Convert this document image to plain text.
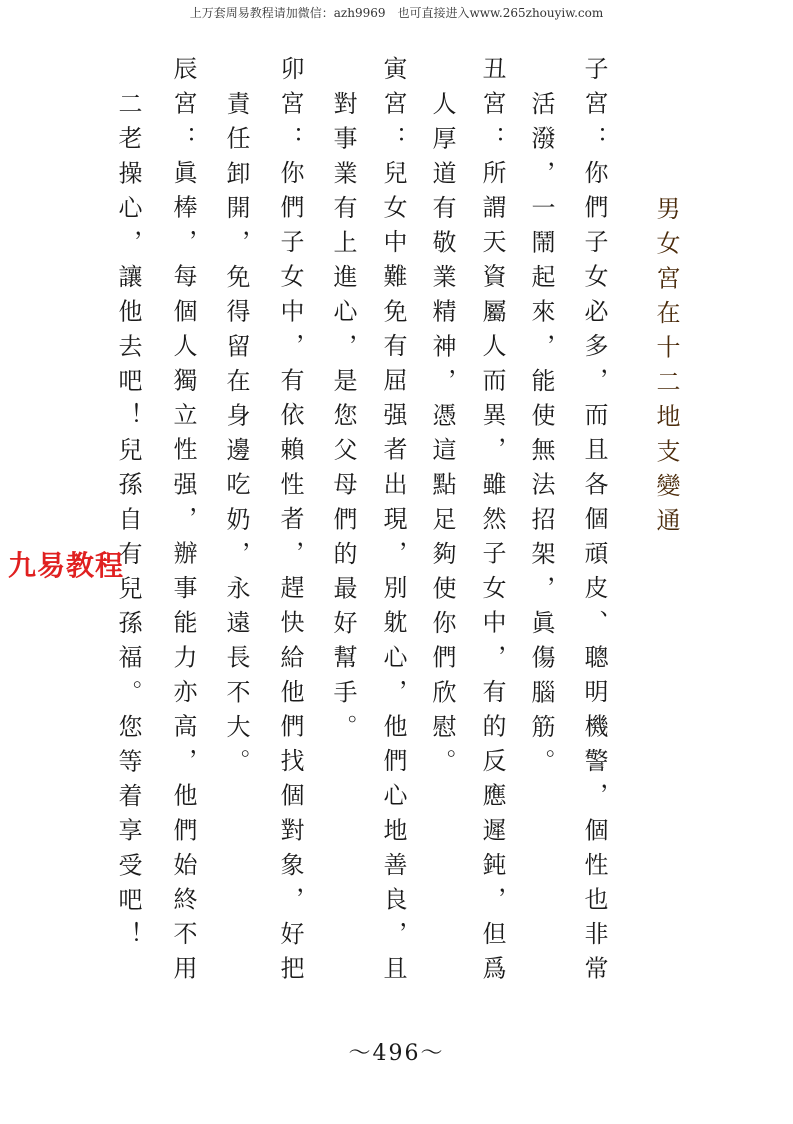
上万套周易教程请加微信：azh9969　也可直接进入www.265zhouyiw.com
男女宮在十二地支變通
子宮：你們子女必多，而且各個頑皮、聰明機警，個性也非常
活潑，一鬧起來，能使無法招架，眞傷腦筋。
丑宮：所謂天資屬人而異，雖然子女中，有的反應遲鈍，但爲
人厚道有敬業精神，憑這點足夠使你們欣慰。
寅宮：兒女中難免有屈强者出現，別躭心，他們心地善良，且
對事業有上進心，是您父母們的最好幫手。
卯宮：你們子女中，有依賴性者，趕快給他們找個對象，好把
責任卸開，免得留在身邊吃奶，永遠長不大。
辰宮：眞棒，每個人獨立性强，辦事能力亦高，他們始終不用
二老操心，讓他去吧！兒孫自有兒孫福。您等着享受吧！
九易教程
～496～
